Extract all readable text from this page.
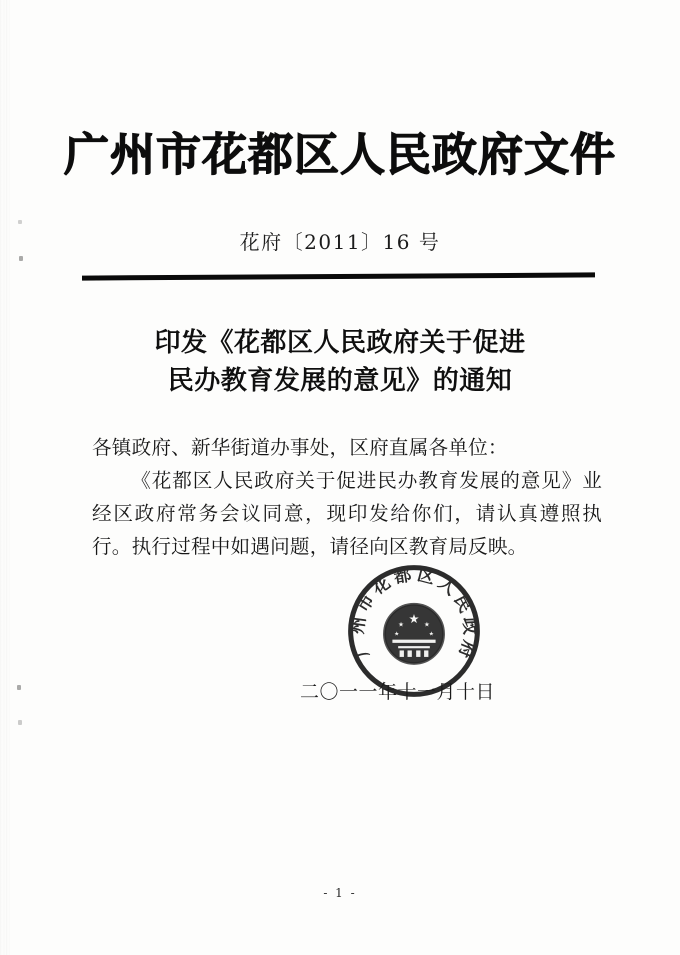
广州市花都区人民政府文件
花府〔2011〕16 号
印发《花都区人民政府关于促进
民办教育发展的意见》的通知
各镇政府、新华街道办事处，区府直属各单位：
《花都区人民政府关于促进民办教育发展的意见》业经区政府常务会议同意，现印发给你们，请认真遵照执行。执行过程中如遇问题，请径向区教育局反映。
广州市花都区人民政府
★
★ ★
★	★
二〇一一年十一月十日
- 1 -
